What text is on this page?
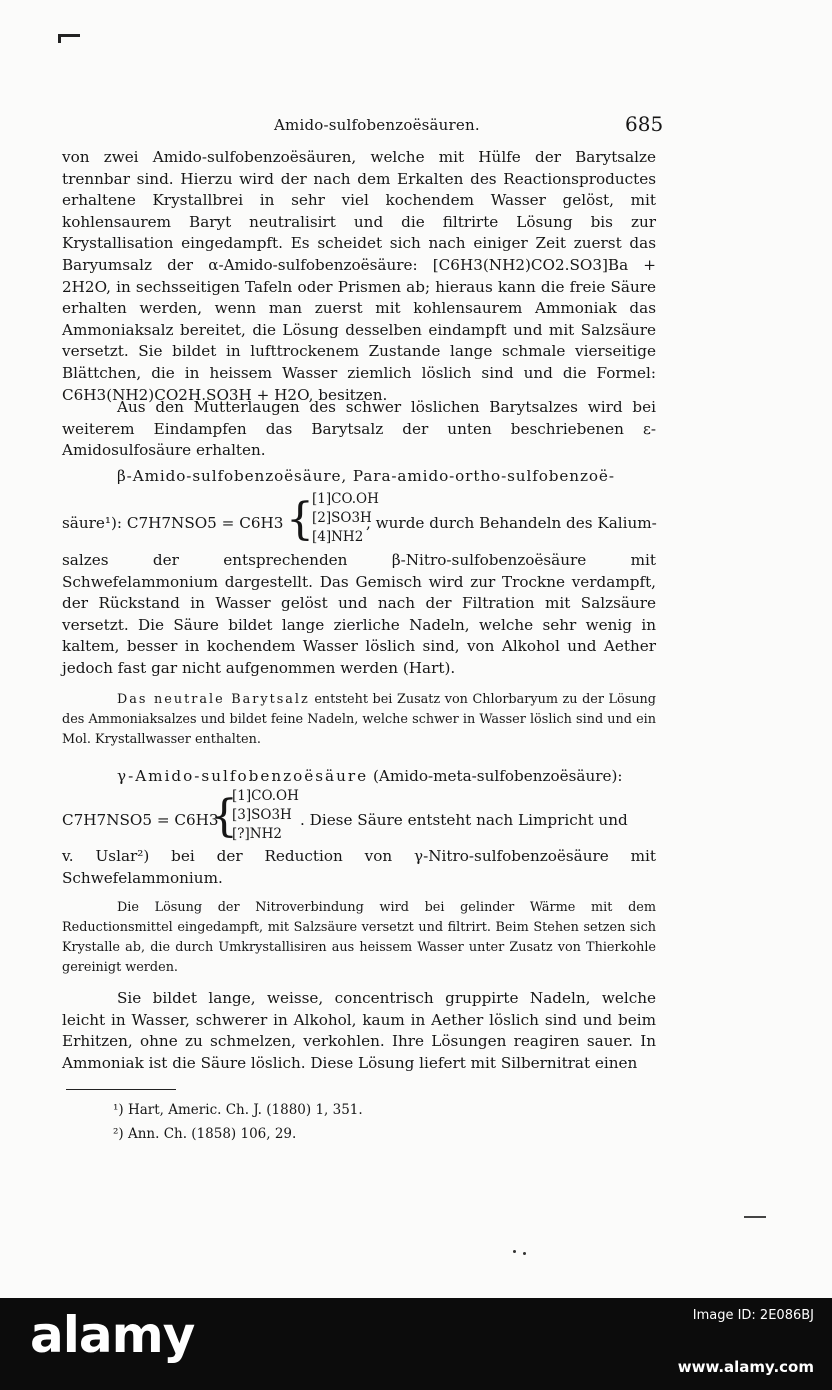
Amido-sulfobenzoësäuren.	685

von zwei Amido-sulfobenzoësäuren, welche mit Hülfe der Barytsalze trennbar sind. Hierzu wird der nach dem Erkalten des Reactionsproductes erhaltene Krystallbrei in sehr viel kochendem Wasser gelöst, mit kohlensaurem Baryt neutralisirt und die filtrirte Lösung bis zur Krystallisation eingedampft. Es scheidet sich nach einiger Zeit zuerst das Baryumsalz der α-Amido-sulfobenzoësäure: [C6H3(NH2)CO2.SO3]Ba + 2H2O, in sechsseitigen Tafeln oder Prismen ab; hieraus kann die freie Säure erhalten werden, wenn man zuerst mit kohlensaurem Ammoniak das Ammoniaksalz bereitet, die Lösung desselben eindampft und mit Salzsäure versetzt. Sie bildet in lufttrockenem Zustande lange schmale vierseitige Blättchen, die in heissem Wasser ziemlich löslich sind und die Formel: C6H3(NH2)CO2H.SO3H + H2O, besitzen.

Aus den Mutterlaugen des schwer löslichen Barytsalzes wird bei weiterem Eindampfen das Barytsalz der unten beschriebenen ε-Amidosulfosäure erhalten.

β-Amido-sulfobenzoësäure, Para-amido-ortho-sulfobenzoë-
säure¹): C7H7NSO5 = C6H3 {
[1]CO.OH
[2]SO3H
[4]NH2
, wurde durch Behandeln des Kalium-

salzes der entsprechenden β-Nitro-sulfobenzoësäure mit Schwefelammonium dargestellt. Das Gemisch wird zur Trockne verdampft, der Rückstand in Wasser gelöst und nach der Filtration mit Salzsäure versetzt. Die Säure bildet lange zierliche Nadeln, welche sehr wenig in kaltem, besser in kochendem Wasser löslich sind, von Alkohol und Aether jedoch fast gar nicht aufgenommen werden (Hart).

Das neutrale Barytsalz entsteht bei Zusatz von Chlorbaryum zu der Lösung des Ammoniaksalzes und bildet feine Nadeln, welche schwer in Wasser löslich sind und ein Mol. Krystallwasser enthalten.

γ-Amido-sulfobenzoësäure (Amido-meta-sulfobenzoësäure):
C7H7NSO5 = C6H3
{
[1]CO.OH
[3]SO3H
[?]NH2
. Diese Säure entsteht nach Limpricht und

v. Uslar²) bei der Reduction von γ-Nitro-sulfobenzoësäure mit Schwefelammonium.

Die Lösung der Nitroverbindung wird bei gelinder Wärme mit dem Reductionsmittel eingedampft, mit Salzsäure versetzt und filtrirt. Beim Stehen setzen sich Krystalle ab, die durch Umkrystallisiren aus heissem Wasser unter Zusatz von Thierkohle gereinigt werden.

Sie bildet lange, weisse, concentrisch gruppirte Nadeln, welche leicht in Wasser, schwerer in Alkohol, kaum in Aether löslich sind und beim Erhitzen, ohne zu schmelzen, verkohlen. Ihre Lösungen reagiren sauer. In Ammoniak ist die Säure löslich. Diese Lösung liefert mit Silbernitrat einen

¹) Hart, Americ. Ch. J. (1880) 1, 351.
²) Ann. Ch. (1858) 106, 29.
alamy	Image ID: 2E086BJ
www.alamy.com
